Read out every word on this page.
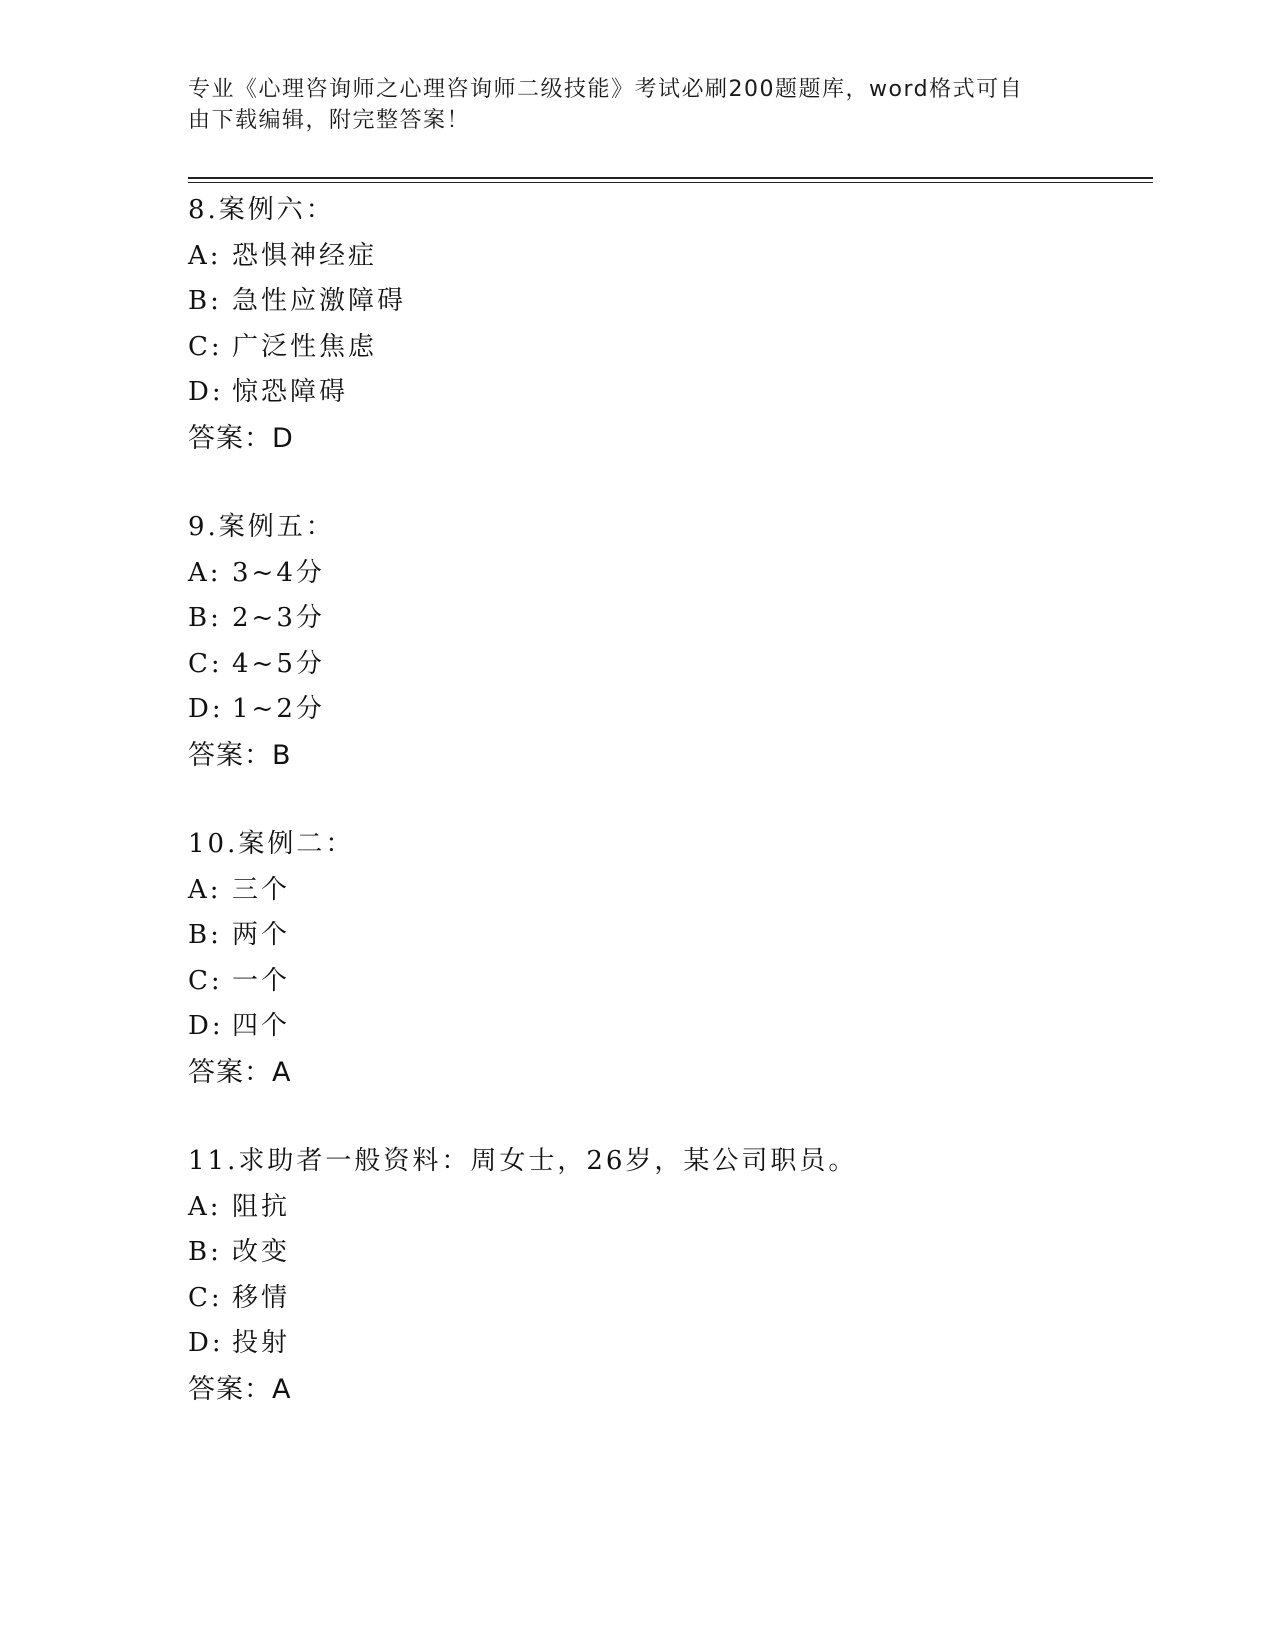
专业《心理咨询师之心理咨询师二级技能》考试必刷200题题库，word格式可自
由下载编辑，附完整答案！
8.案例六：
A: 恐惧神经症
B: 急性应激障碍
C: 广泛性焦虑
D: 惊恐障碍
答案：D
9.案例五：
A: 3~4分
B: 2~3分
C: 4~5分
D: 1~2分
答案：B
10.案例二：
A: 三个
B: 两个
C: 一个
D: 四个
答案：A
11.求助者一般资料：周女士，26岁，某公司职员。
A: 阻抗
B: 改变
C: 移情
D: 投射
答案：A
